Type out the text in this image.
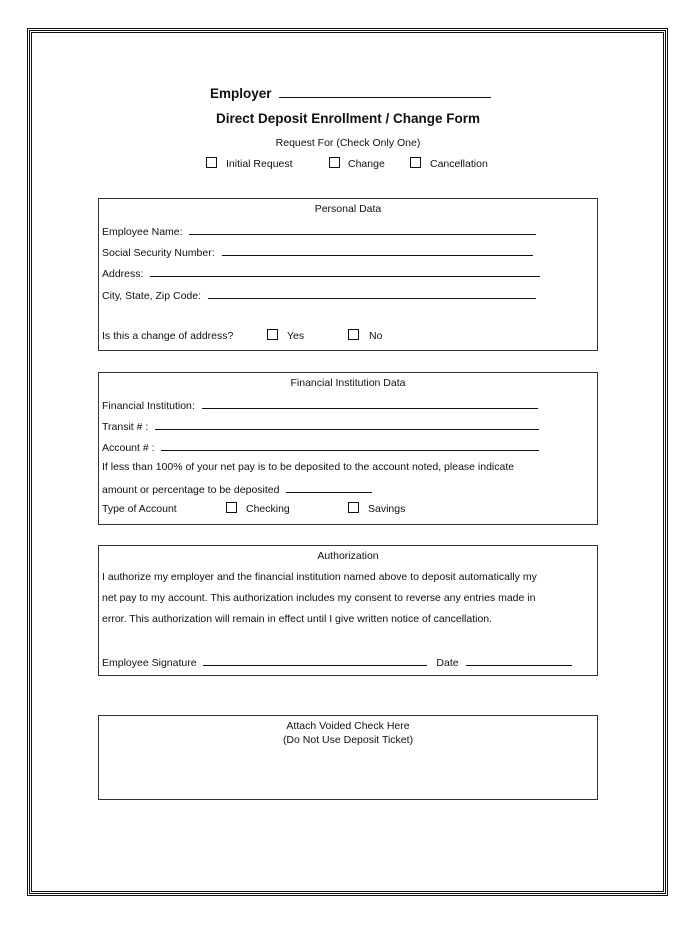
Employer
Direct Deposit Enrollment / Change Form
Request For (Check Only One)
Initial Request	Change	Cancellation
Personal Data
Employee Name:
Social Security Number:
Address:
City, State, Zip Code:
Is this a change of address?	Yes	No
Financial Institution Data
Financial Institution:
Transit # :
Account # :
If less than 100% of your net pay is to be deposited to the account noted, please indicate
amount or percentage to be deposited
Type of Account	Checking	Savings
Authorization
I authorize my employer and the financial institution named above to deposit automatically my
net pay to my account. This authorization includes my consent to reverse any entries made in
error. This authorization will remain in effect until I give written notice of cancellation.
Employee Signature	Date
Attach Voided Check Here
(Do Not Use Deposit Ticket)
